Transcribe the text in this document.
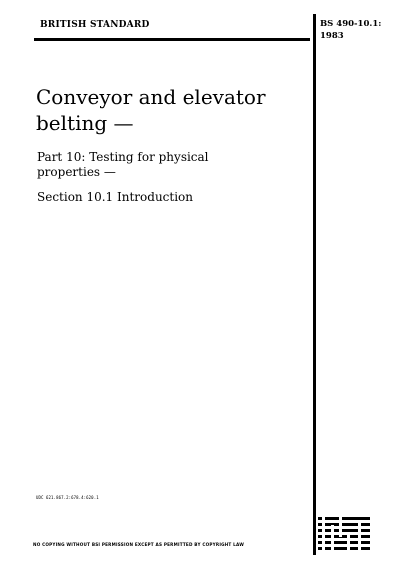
BRITISH STANDARD	BS 490-10.1:
1983
Conveyor and elevator
belting —
Part 10: Testing for physical
properties —
Section 10.1 Introduction
UDC 621.867.2:678.4:620.1
NO COPYING WITHOUT BSI PERMISSION EXCEPT AS PERMITTED BY COPYRIGHT LAW
